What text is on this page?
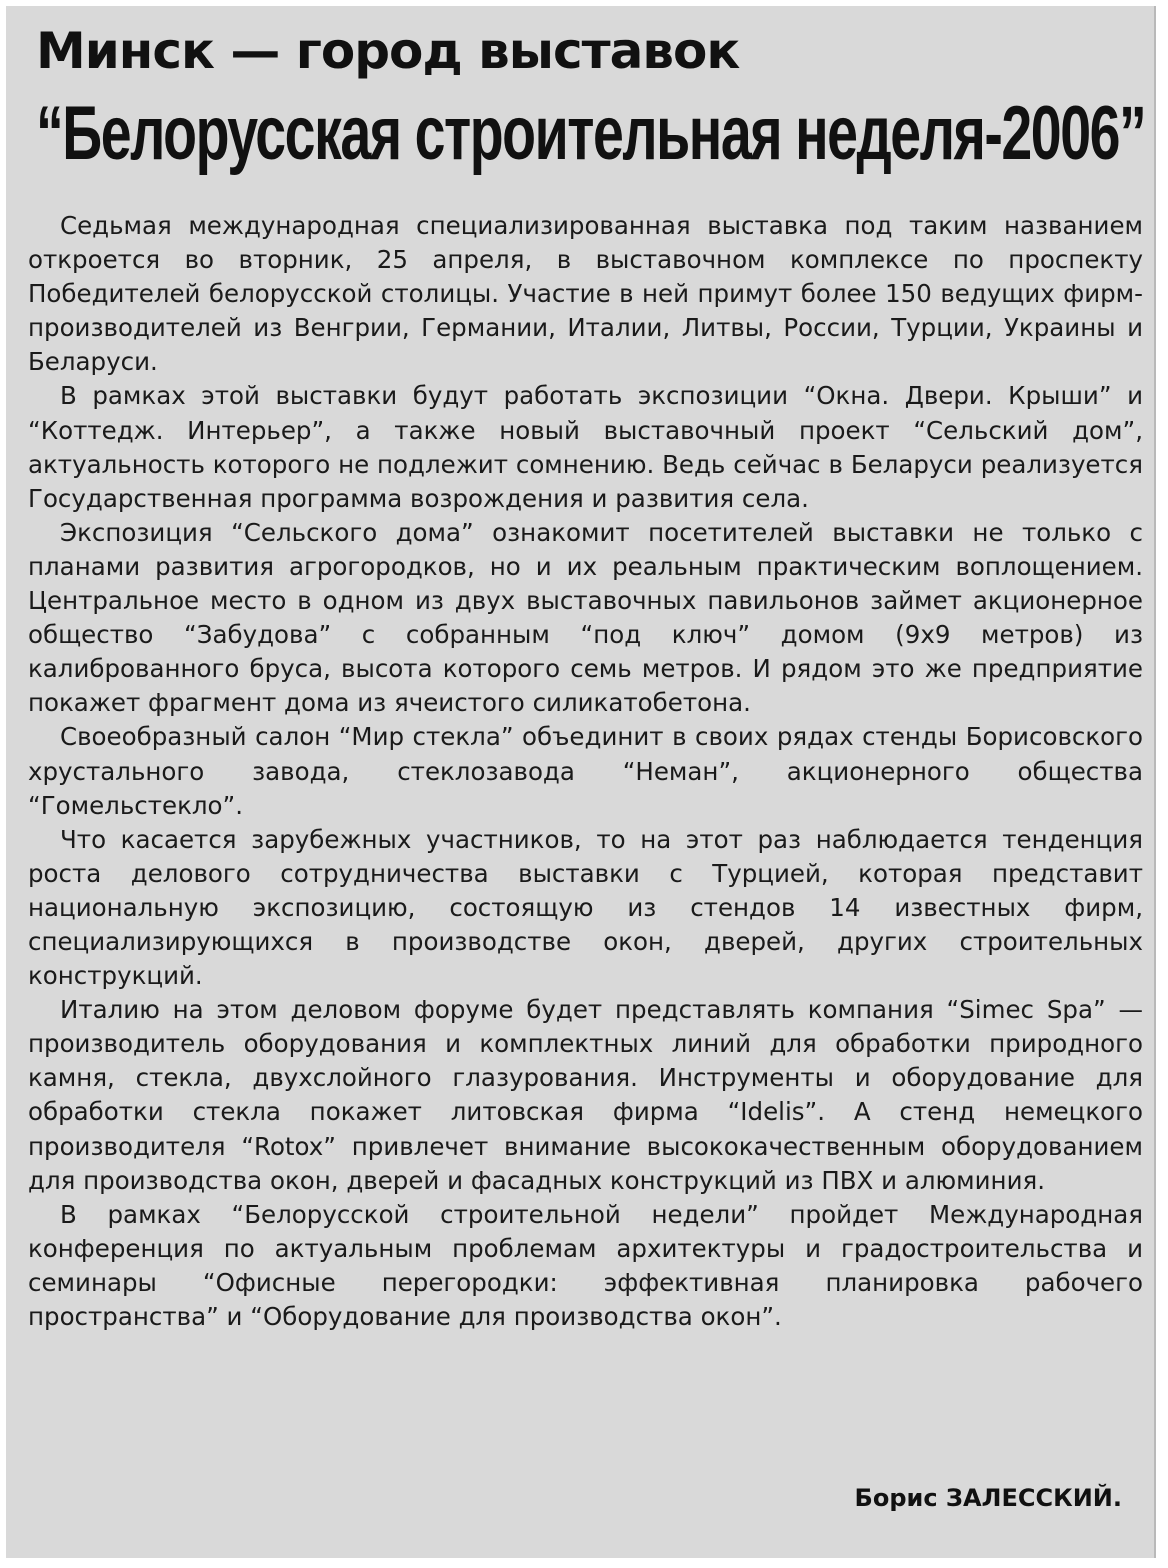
Минск — город выставок
“Белорусская строительная неделя-2006”

Седьмая международная специализированная выставка под таким названием откроется во вторник, 25 апреля, в выставочном комплексе по проспекту Победителей белорусской столицы. Участие в ней примут более 150 ведущих фирм-производителей из Венгрии, Германии, Италии, Литвы, России, Турции, Украины и Беларуси.

В рамках этой выставки будут работать экспозиции “Окна. Двери. Крыши” и “Коттедж. Интерьер”, а также новый выставочный проект “Сельский дом”, актуальность которого не подлежит сомнению. Ведь сейчас в Беларуси реализуется Государственная программа возрождения и развития села.

Экспозиция “Сельского дома” ознакомит посетителей выставки не только с планами развития агрогородков, но и их реальным практическим воплощением. Центральное место в одном из двух выставочных павильонов займет акционерное общество “Забудова” с собранным “под ключ” домом (9х9 метров) из калиброванного бруса, высота которого семь метров. И рядом это же предприятие покажет фрагмент дома из ячеистого силикатобетона.

Своеобразный салон “Мир стекла” объединит в своих рядах стенды Борисовского хрустального завода, стеклозавода “Неман”, акционерного общества “Гомельстекло”.

Что касается зарубежных участников, то на этот раз наблюдается тенденция роста делового сотрудничества выставки с Турцией, которая представит национальную экспозицию, состоящую из стендов 14 известных фирм, специализирующихся в производстве окон, дверей, других строительных конструкций.

Италию на этом деловом форуме будет представлять компания “Simec Spa” — производитель оборудования и комплектных линий для обработки природного камня, стекла, двухслойного глазурования. Инструменты и оборудование для обработки стекла покажет литовская фирма “Idelis”. А стенд немецкого производителя “Rotox” привлечет внимание высококачественным оборудованием для производства окон, дверей и фасадных конструкций из ПВХ и алюминия.

В рамках “Белорусской строительной недели” пройдет Международная конференция по актуальным проблемам архитектуры и градостроительства и семинары “Офисные перегородки: эффективная планировка рабочего пространства” и “Оборудование для производства окон”.

Борис ЗАЛЕССКИЙ.
